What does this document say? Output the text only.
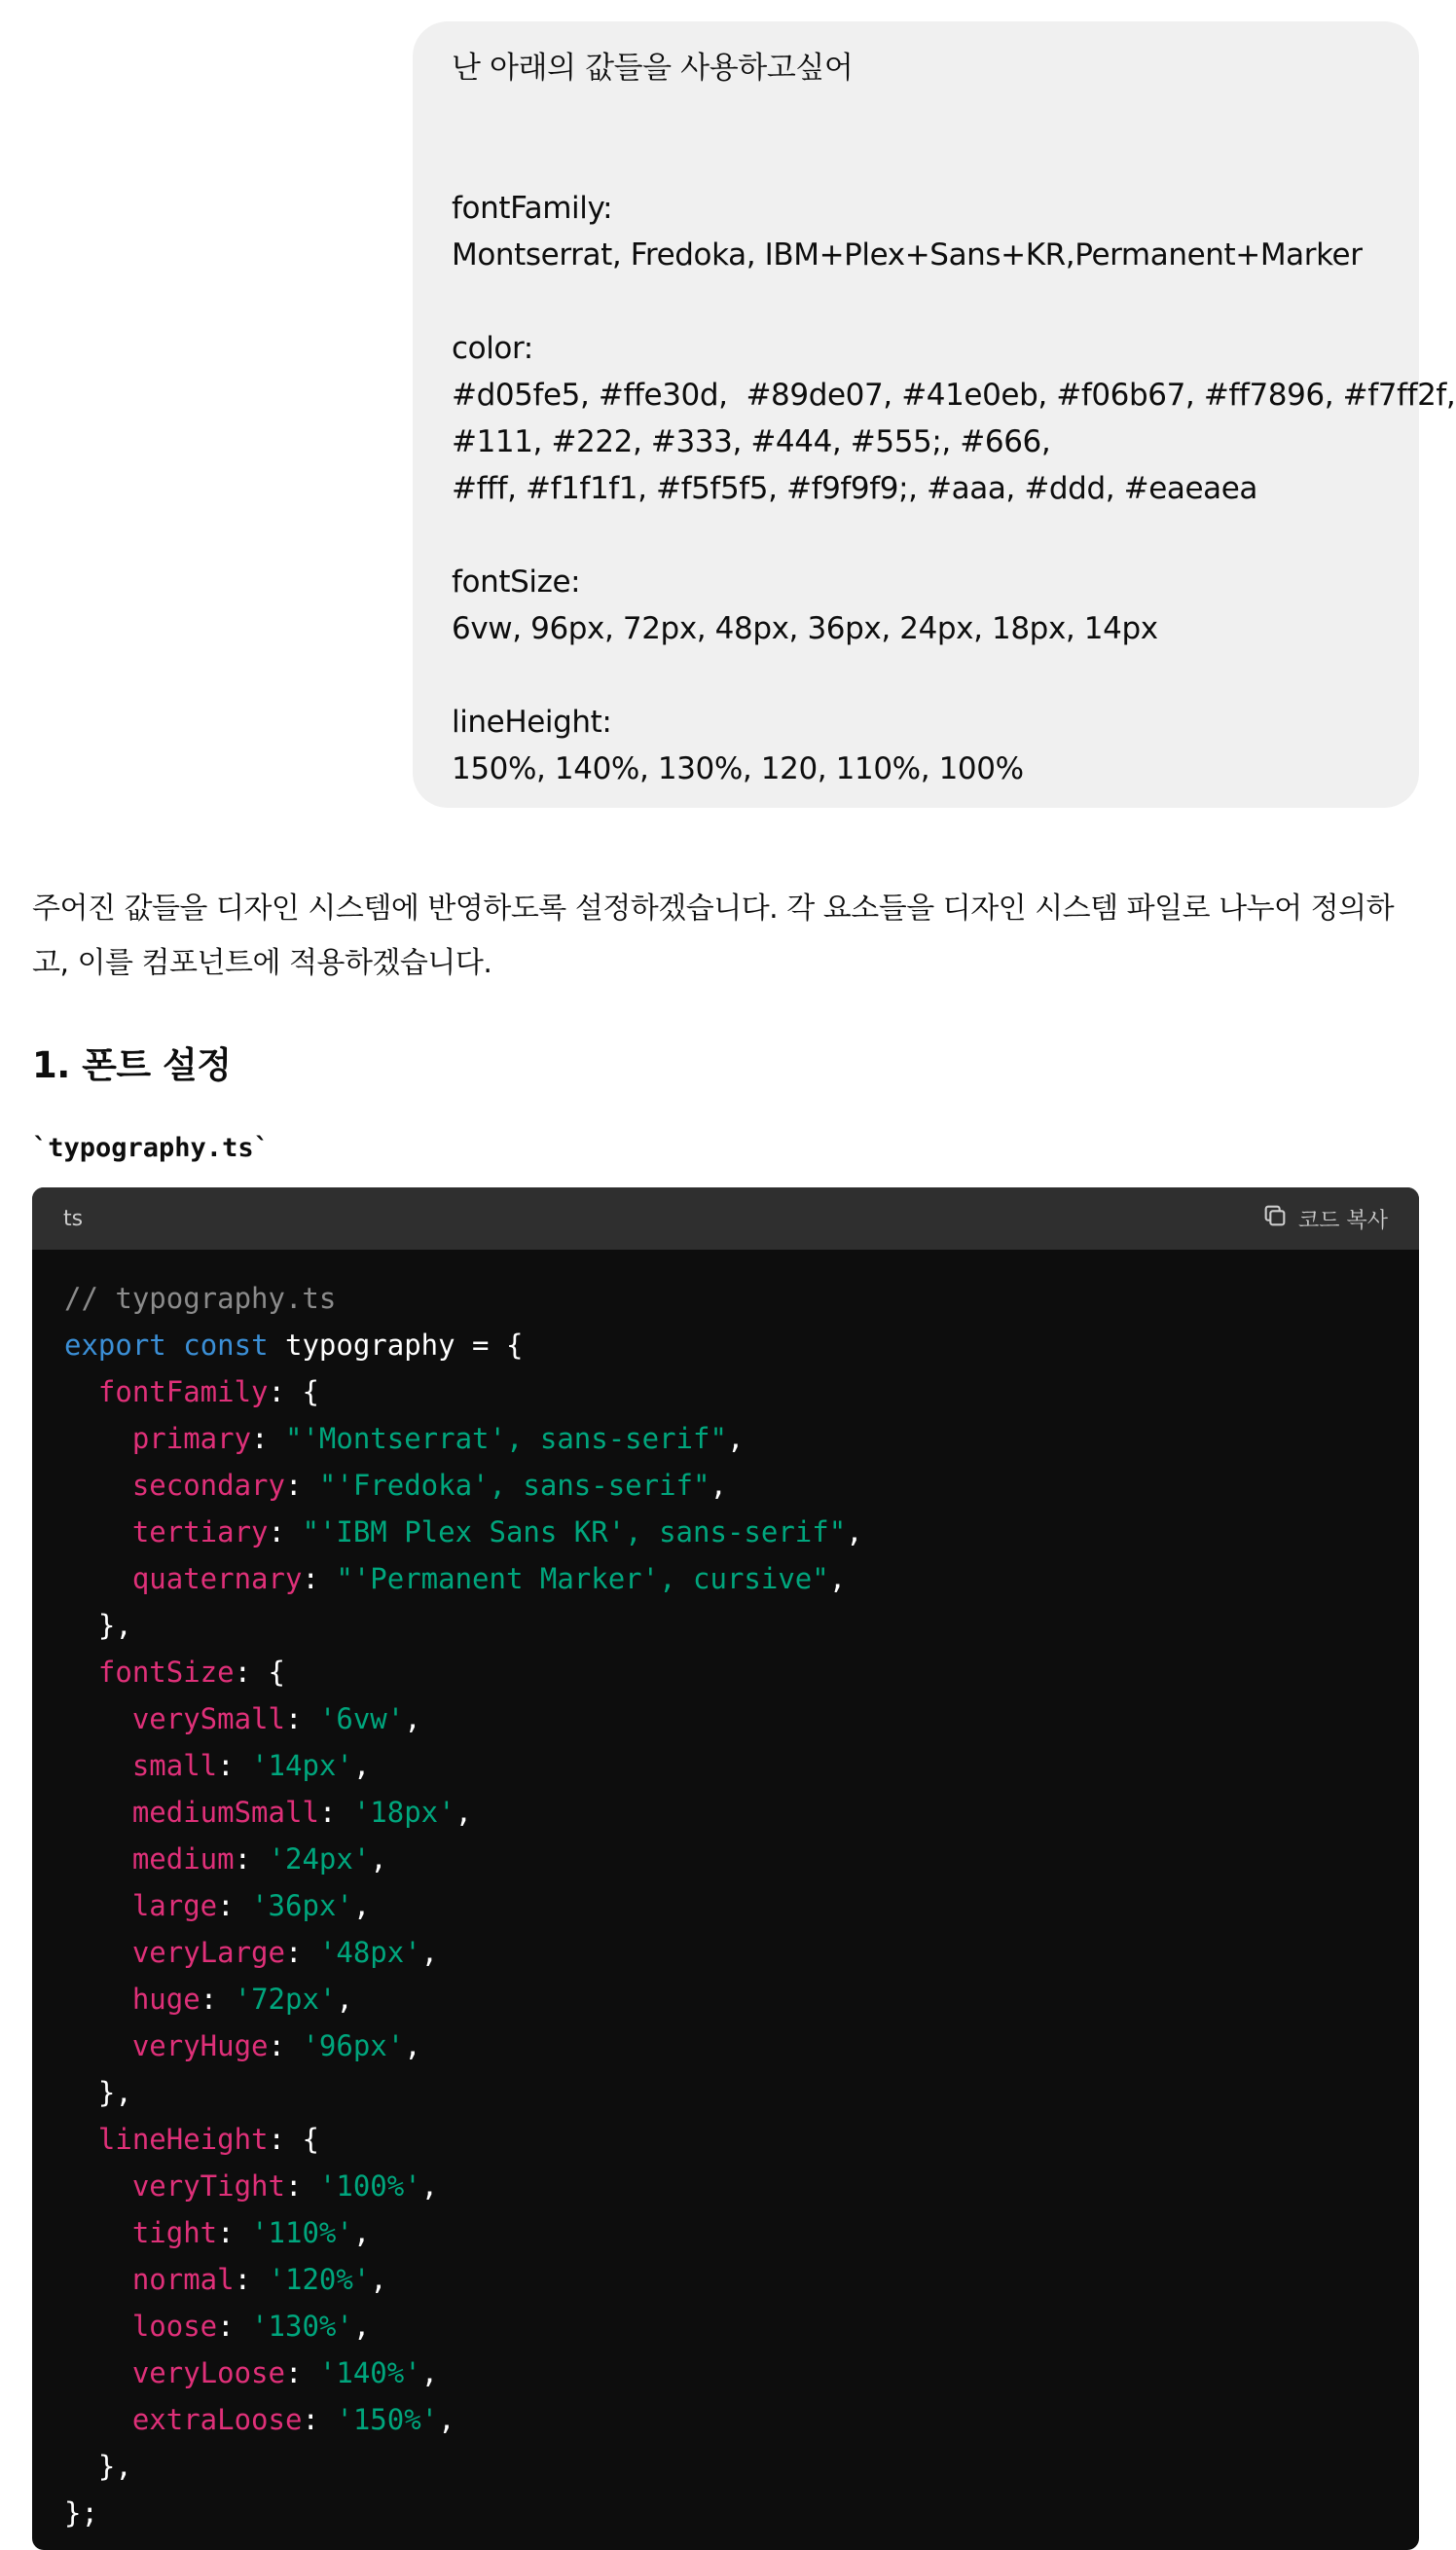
난 아래의 값들을 사용하고싶어
fontFamily:
Montserrat, Fredoka, IBM+Plex+Sans+KR,Permanent+Marker
color:
#d05fe5, #ffe30d,  #89de07, #41e0eb, #f06b67, #ff7896, #f7ff2f,
#111, #222, #333, #444, #555;, #666,
#fff, #f1f1f1, #f5f5f5, #f9f9f9;, #aaa, #ddd, #eaeaea
fontSize:
6vw, 96px, 72px, 48px, 36px, 24px, 18px, 14px
lineHeight:
150%, 140%, 130%, 120, 110%, 100%
주어진 값들을 디자인 시스템에 반영하도록 설정하겠습니다. 각 요소들을 디자인 시스템 파일로 나누어 정의하고, 이를 컴포넌트에 적용하겠습니다.
1. 폰트 설정
`typography.ts`
ts	코드 복사
// typography.ts
export const typography = {
fontFamily: {
primary: "'Montserrat', sans-serif",
secondary: "'Fredoka', sans-serif",
tertiary: "'IBM Plex Sans KR', sans-serif",
quaternary: "'Permanent Marker', cursive",
},
fontSize: {
verySmall: '6vw',
small: '14px',
mediumSmall: '18px',
medium: '24px',
large: '36px',
veryLarge: '48px',
huge: '72px',
veryHuge: '96px',
},
lineHeight: {
veryTight: '100%',
tight: '110%',
normal: '120%',
loose: '130%',
veryLoose: '140%',
extraLoose: '150%',
},
};
